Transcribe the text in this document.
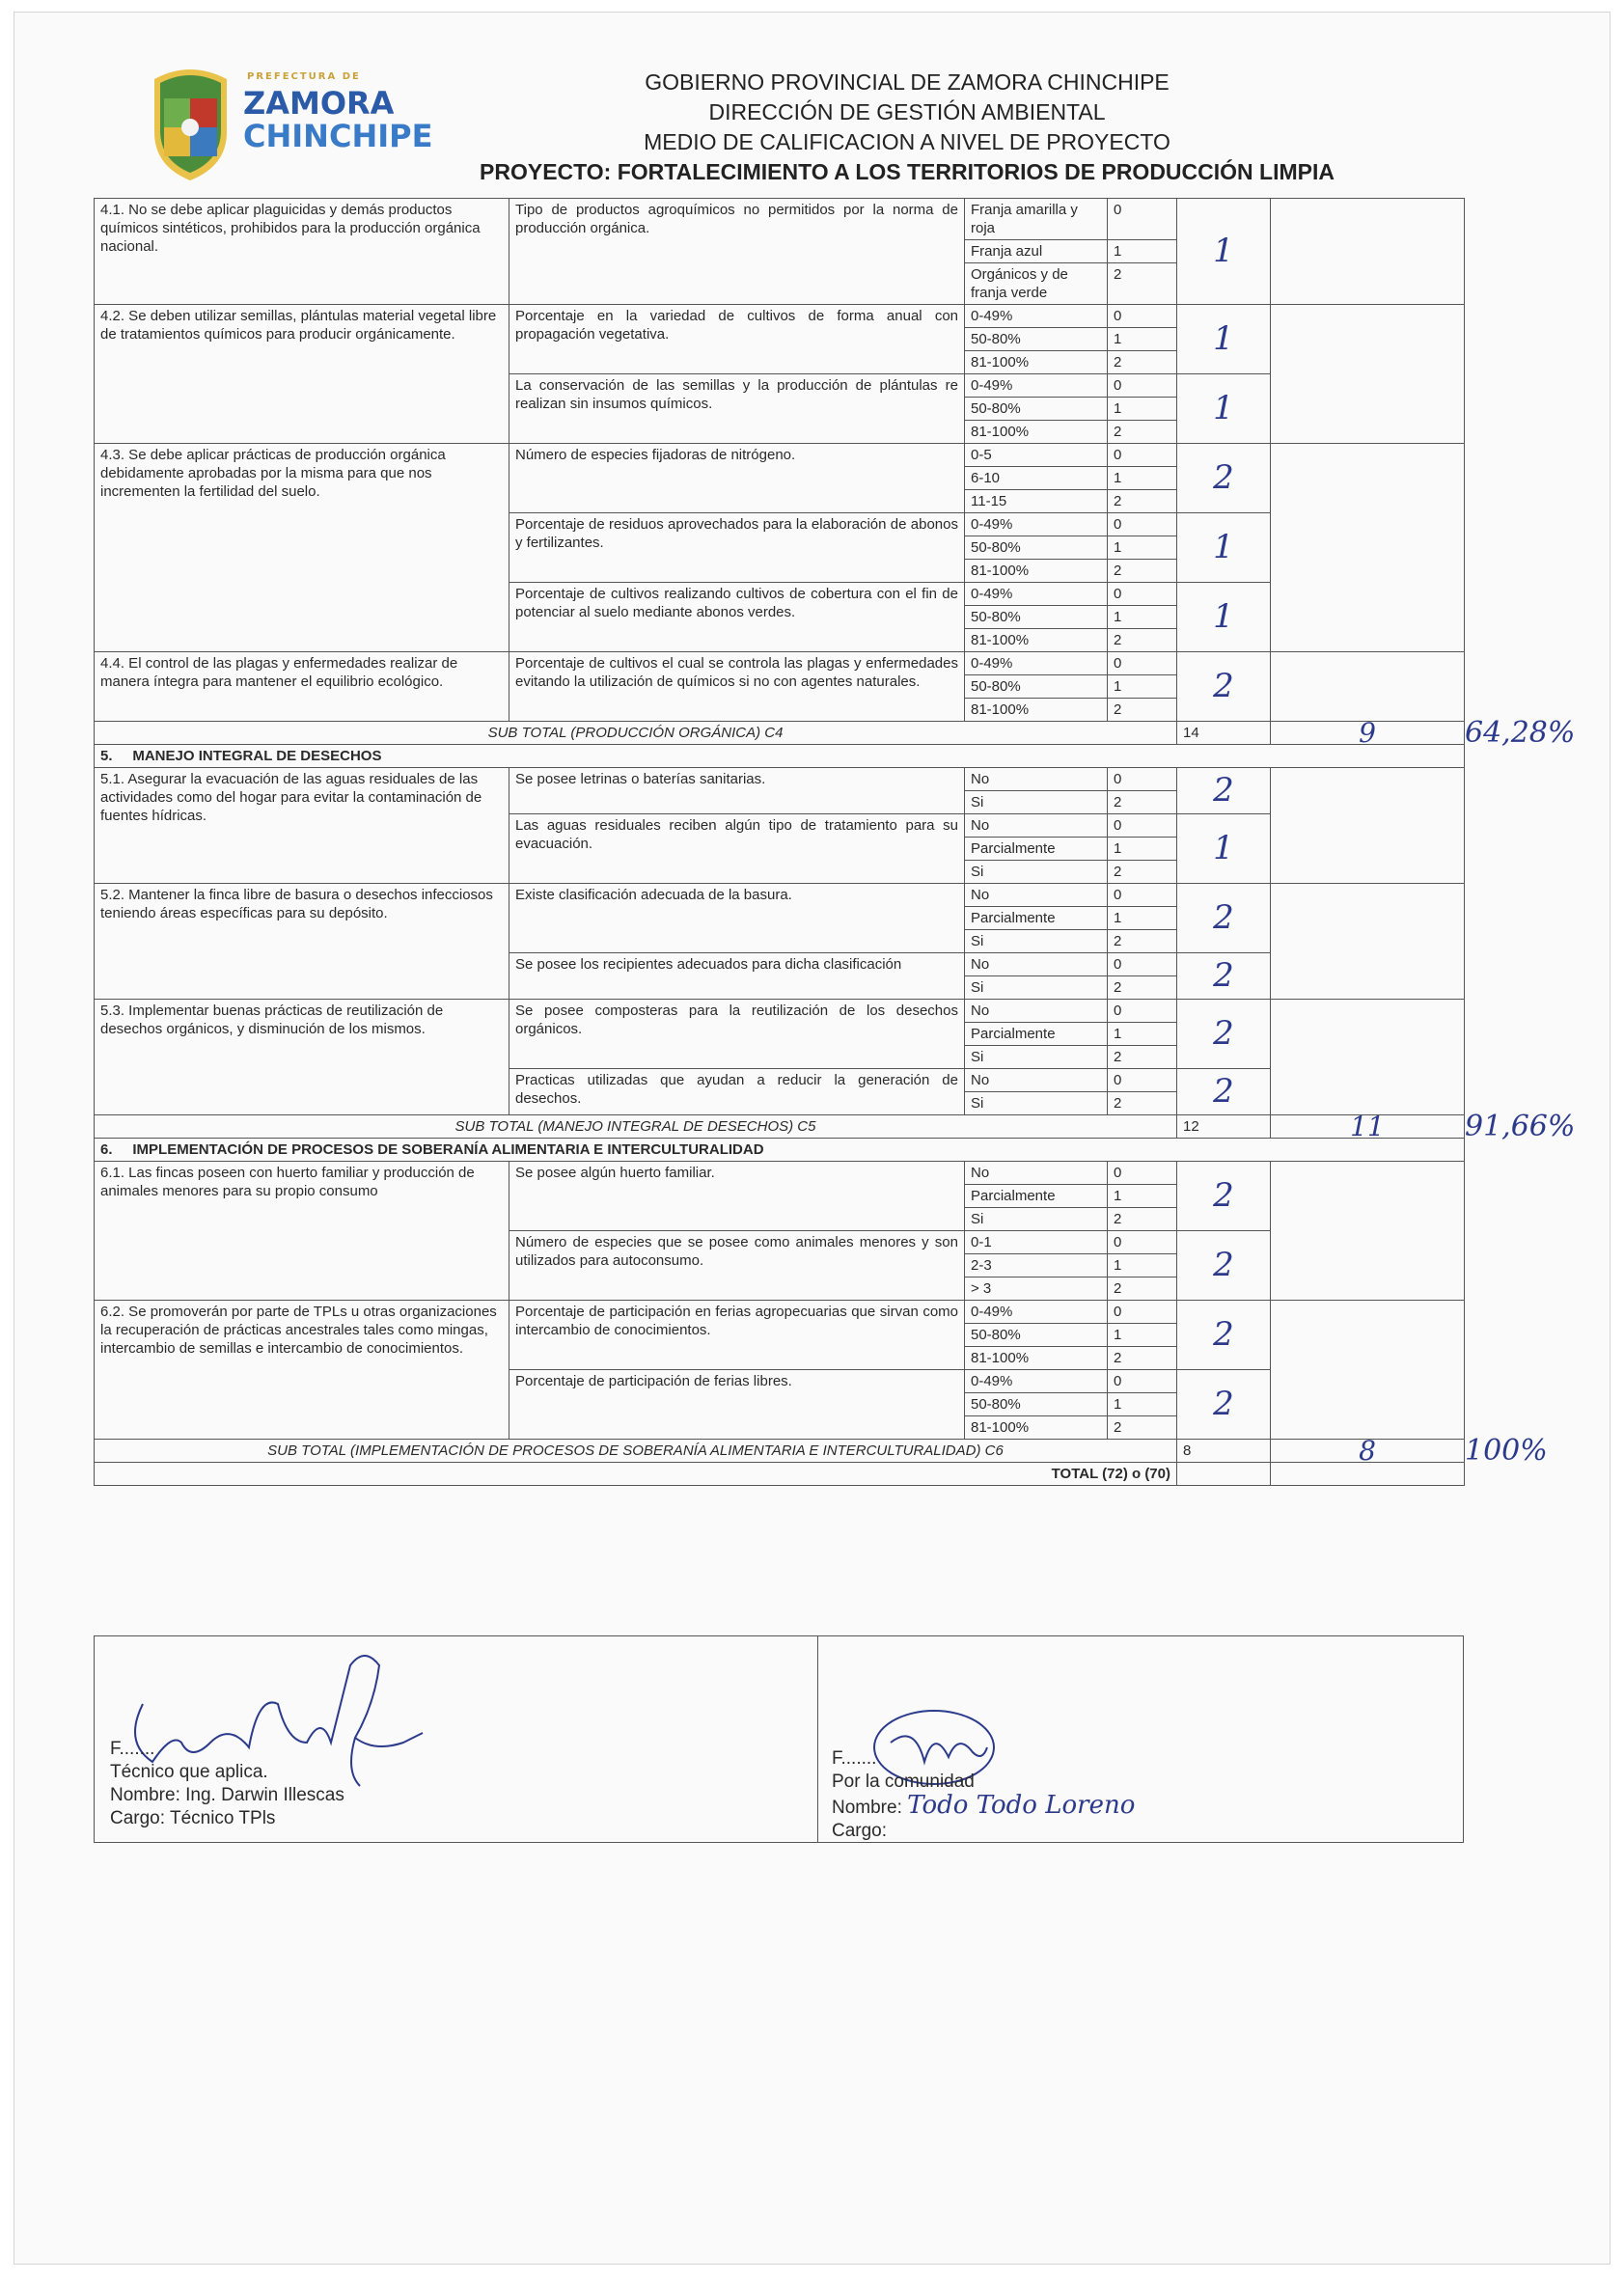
PREFECTURA DE
ZAMORA
CHINCHIPE
GOBIERNO PROVINCIAL DE ZAMORA CHINCHIPE
DIRECCIÓN DE GESTIÓN AMBIENTAL
MEDIO DE CALIFICACION A NIVEL DE PROYECTO
PROYECTO: FORTALECIMIENTO A LOS TERRITORIOS DE PRODUCCIÓN LIMPIA
4.1. No se debe aplicar plaguicidas y demás productos químicos sintéticos, prohibidos para la producción orgánica nacional.	Tipo de productos agroquímicos no permitidos por la norma de producción orgánica.	Franja amarilla y roja	0	1		
		Franja azul	1			
		Orgánicos y de franja verde	2			
4.2. Se deben utilizar semillas, plántulas material vegetal libre de tratamientos químicos para producir orgánicamente.	Porcentaje en la variedad de cultivos de forma anual con propagación vegetativa.	0-49%	0	1		
		50-80%	1			
		81-100%	2			
	La conservación de las semillas y la producción de plántulas re realizan sin insumos químicos.	0-49%	0	1		
		50-80%	1			
		81-100%	2			
4.3. Se debe aplicar prácticas de producción orgánica debidamente aprobadas por la misma para que nos incrementen la fertilidad del suelo.	Número de especies fijadoras de nitrógeno.	0-5	0	2		
		6-10	1			
		11-15	2			
	Porcentaje de residuos aprovechados para la elaboración de abonos y fertilizantes.	0-49%	0	1		
		50-80%	1			
		81-100%	2			
	Porcentaje de cultivos realizando cultivos de cobertura con el fin de potenciar al suelo mediante abonos verdes.	0-49%	0	1		
		50-80%	1			
		81-100%	2			
4.4. El control de las plagas y enfermedades realizar de manera íntegra para mantener el equilibrio ecológico.	Porcentaje de cultivos el cual se controla las plagas y enfermedades evitando la utilización de químicos si no con agentes naturales.	0-49%	0	2		
		50-80%	1			
		81-100%	2			
SUB TOTAL (PRODUCCIÓN ORGÁNICA) C4				14	9	
5. MANEJO INTEGRAL DE DESECHOS						
5.1. Asegurar la evacuación de las aguas residuales de las actividades como del hogar para evitar la contaminación de fuentes hídricas.	Se posee letrinas o baterías sanitarias.	No	0	2		
		Si	2			
	Las aguas residuales reciben algún tipo de tratamiento para su evacuación.	No	0	1		
		Parcialmente	1			
		Si	2			
5.2. Mantener la finca libre de basura o desechos infecciosos teniendo áreas específicas para su depósito.	Existe clasificación adecuada de la basura.	No	0	2		
		Parcialmente	1			
		Si	2			
	Se posee los recipientes adecuados para dicha clasificación	No	0	2		
		Si	2			
5.3. Implementar buenas prácticas de reutilización de desechos orgánicos, y disminución de los mismos.	Se posee composteras para la reutilización de los desechos orgánicos.	No	0	2		
		Parcialmente	1			
		Si	2			
	Practicas utilizadas que ayudan a reducir la generación de desechos.	No	0	2		
		Si	2			
SUB TOTAL (MANEJO INTEGRAL DE DESECHOS) C5				12	11	
6. IMPLEMENTACIÓN DE PROCESOS DE SOBERANÍA ALIMENTARIA E INTERCULTURALIDAD						
6.1. Las fincas poseen con huerto familiar y producción de animales menores para su propio consumo	Se posee algún huerto familiar.	No	0	2		
		Parcialmente	1			
		Si	2			
	Número de especies que se posee como animales menores y son utilizados para autoconsumo.	0-1	0	2		
		2-3	1			
		> 3	2			
6.2. Se promoverán por parte de TPLs u otras organizaciones la recuperación de prácticas ancestrales tales como mingas, intercambio de semillas e intercambio de conocimientos.	Porcentaje de participación en ferias agropecuarias que sirvan como intercambio de conocimientos.	0-49%	0	2		
		50-80%	1			
		81-100%	2			
	Porcentaje de participación de ferias libres.	0-49%	0	2		
		50-80%	1			
		81-100%	2			
SUB TOTAL (IMPLEMENTACIÓN DE PROCESOS DE SOBERANÍA ALIMENTARIA E INTERCULTURALIDAD) C6				8	8	
TOTAL (72) o (70)						
F.......
Técnico que aplica.
Nombre: Ing. Darwin Illescas
Cargo: Técnico TPls
F.......
Por la comunidad
Nombre: Todo Todo Loreno
Cargo:
